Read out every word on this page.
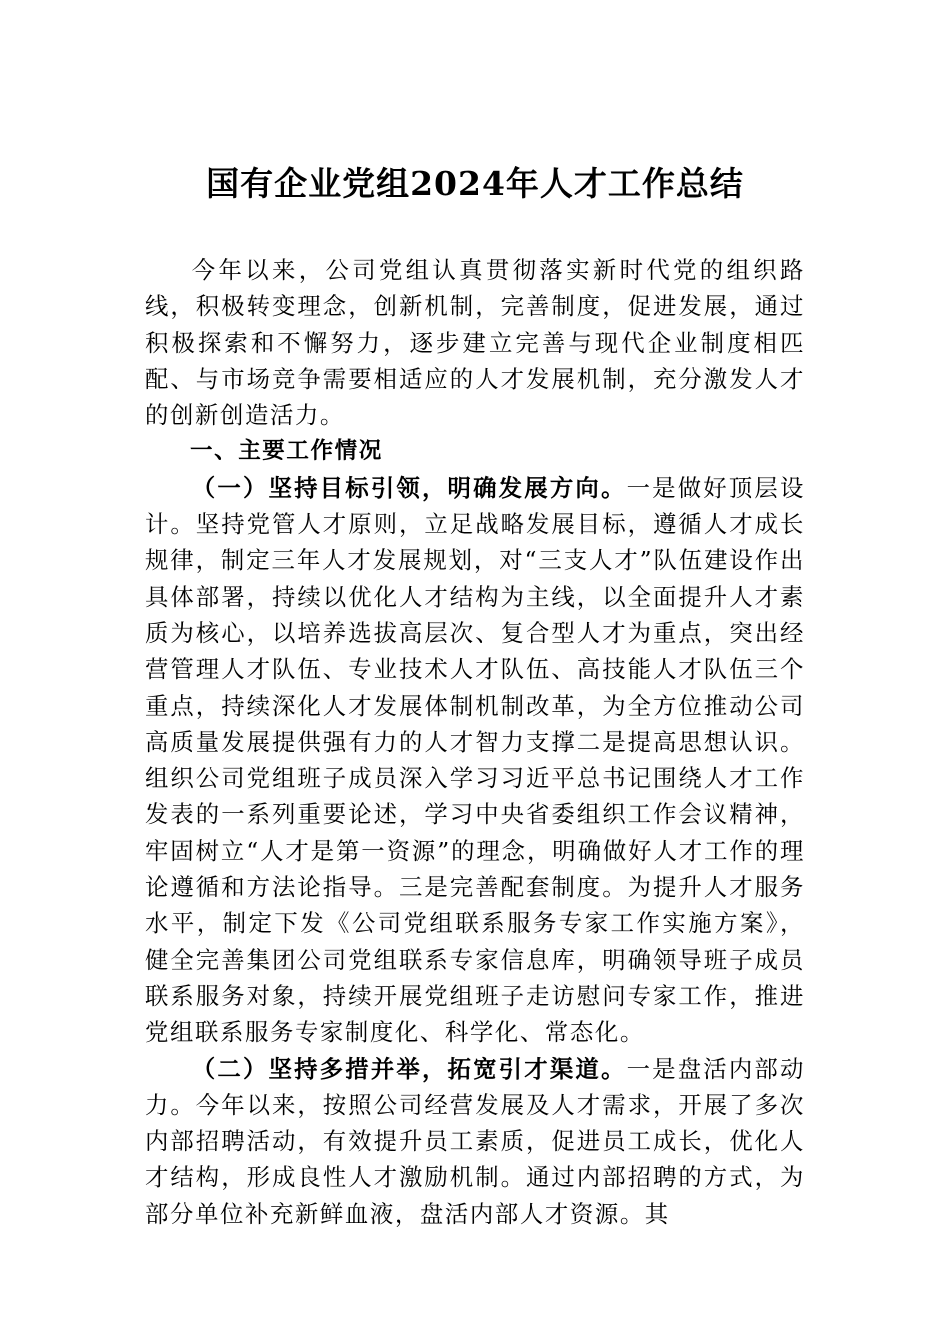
国有企业党组2024年人才工作总结

今年以来，公司党组认真贯彻落实新时代党的组织路线，积极转变理念，创新机制，完善制度，促进发展，通过积极探索和不懈努力，逐步建立完善与现代企业制度相匹配、与市场竞争需要相适应的人才发展机制，充分激发人才的创新创造活力。

一、主要工作情况

（一）坚持目标引领，明确发展方向。一是做好顶层设计。坚持党管人才原则，立足战略发展目标，遵循人才成长规律，制定三年人才发展规划，对“三支人才”队伍建设作出具体部署，持续以优化人才结构为主线，以全面提升人才素质为核心，以培养选拔高层次、复合型人才为重点，突出经营管理人才队伍、专业技术人才队伍、高技能人才队伍三个重点，持续深化人才发展体制机制改革，为全方位推动公司高质量发展提供强有力的人才智力支撑二是提高思想认识。组织公司党组班子成员深入学习习近平总书记围绕人才工作发表的一系列重要论述，学习中央省委组织工作会议精神，牢固树立“人才是第一资源”的理念，明确做好人才工作的理论遵循和方法论指导。三是完善配套制度。为提升人才服务水平，制定下发《公司党组联系服务专家工作实施方案》，健全完善集团公司党组联系专家信息库，明确领导班子成员联系服务对象，持续开展党组班子走访慰问专家工作，推进党组联系服务专家制度化、科学化、常态化。

（二）坚持多措并举，拓宽引才渠道。一是盘活内部动力。今年以来，按照公司经营发展及人才需求，开展了多次内部招聘活动，有效提升员工素质，促进员工成长，优化人才结构，形成良性人才激励机制。通过内部招聘的方式，为部分单位补充新鲜血液，盘活内部人才资源。其
